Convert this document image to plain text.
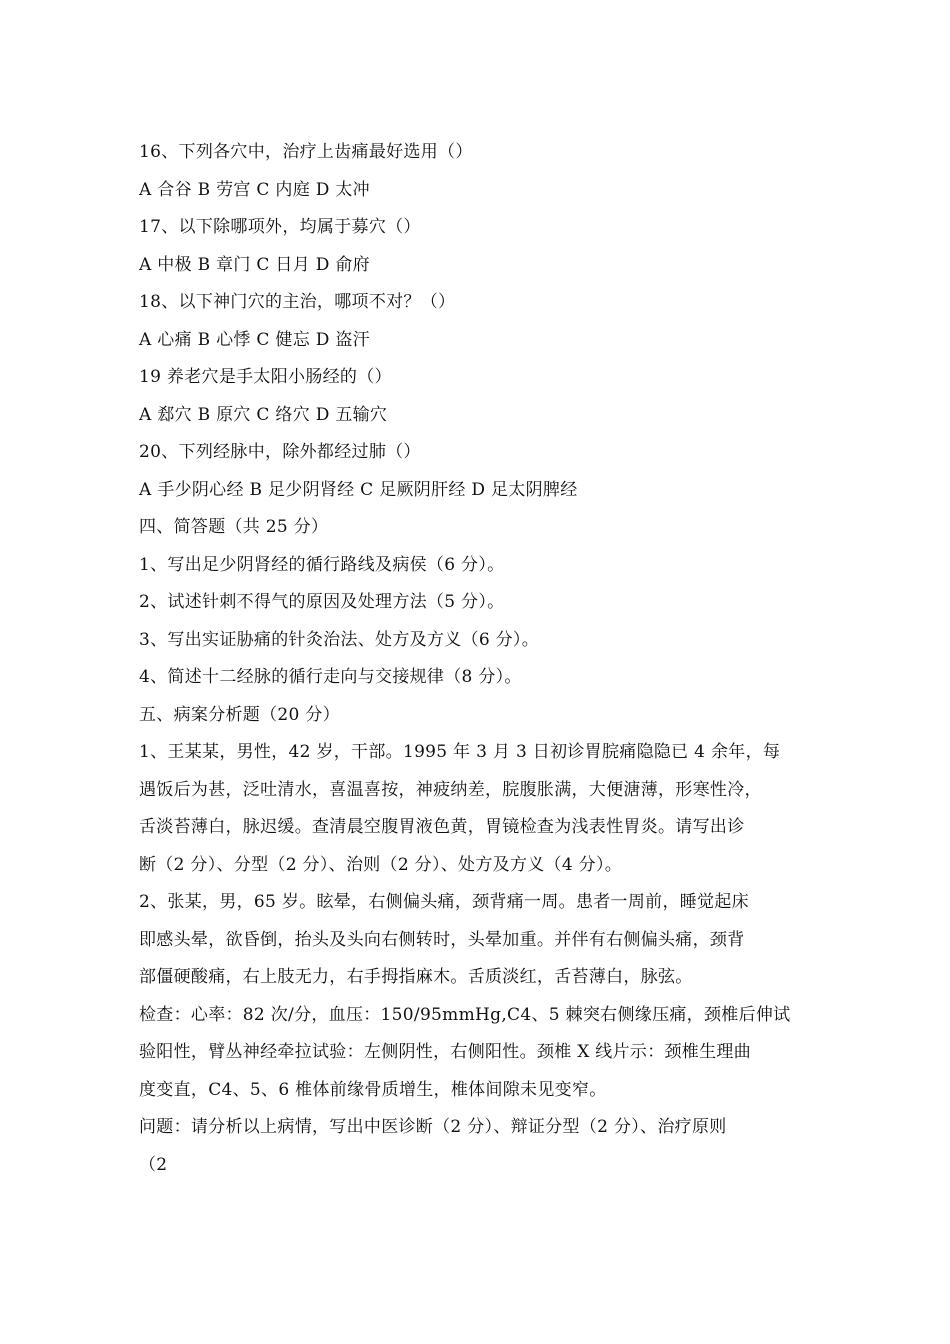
16、下列各穴中，治疗上齿痛最好选用（）
A 合谷 B 劳宫 C 内庭 D 太冲
17、以下除哪项外，均属于募穴（）
A 中极 B 章门 C 日月 D 俞府
18、以下神门穴的主治，哪项不对？（）
A 心痛 B 心悸 C 健忘 D 盗汗
19 养老穴是手太阳小肠经的（）
A 郄穴 B 原穴 C 络穴 D 五输穴
20、下列经脉中，除外都经过肺（）
A 手少阴心经 B 足少阴肾经 C 足厥阴肝经 D 足太阴脾经
四、简答题（共 25 分）
1、写出足少阴肾经的循行路线及病侯（6 分）。
2、试述针刺不得气的原因及处理方法（5 分）。
3、写出实证胁痛的针灸治法、处方及方义（6 分）。
4、简述十二经脉的循行走向与交接规律（8 分）。
五、病案分析题（20 分）
1、王某某，男性，42 岁，干部。1995 年 3 月 3 日初诊胃脘痛隐隐已 4 余年，每
遇饭后为甚，泛吐清水，喜温喜按，神疲纳差，脘腹胀满，大便溏薄，形寒性冷，
舌淡苔薄白，脉迟缓。查清晨空腹胃液色黄，胃镜检查为浅表性胃炎。请写出诊
断（2 分）、分型（2 分）、治则（2 分）、处方及方义（4 分）。
2、张某，男，65 岁。眩晕，右侧偏头痛，颈背痛一周。患者一周前，睡觉起床
即感头晕，欲昏倒，抬头及头向右侧转时，头晕加重。并伴有右侧偏头痛，颈背
部僵硬酸痛，右上肢无力，右手拇指麻木。舌质淡红，舌苔薄白，脉弦。
检查：心率：82 次/分，血压：150/95mmHg,C4、5 棘突右侧缘压痛，颈椎后伸试
验阳性，臂丛神经牵拉试验：左侧阴性，右侧阳性。颈椎 X 线片示：颈椎生理曲
度变直，C4、5、6 椎体前缘骨质增生，椎体间隙未见变窄。
问题：请分析以上病情，写出中医诊断（2 分）、辩证分型（2 分）、治疗原则
（2
